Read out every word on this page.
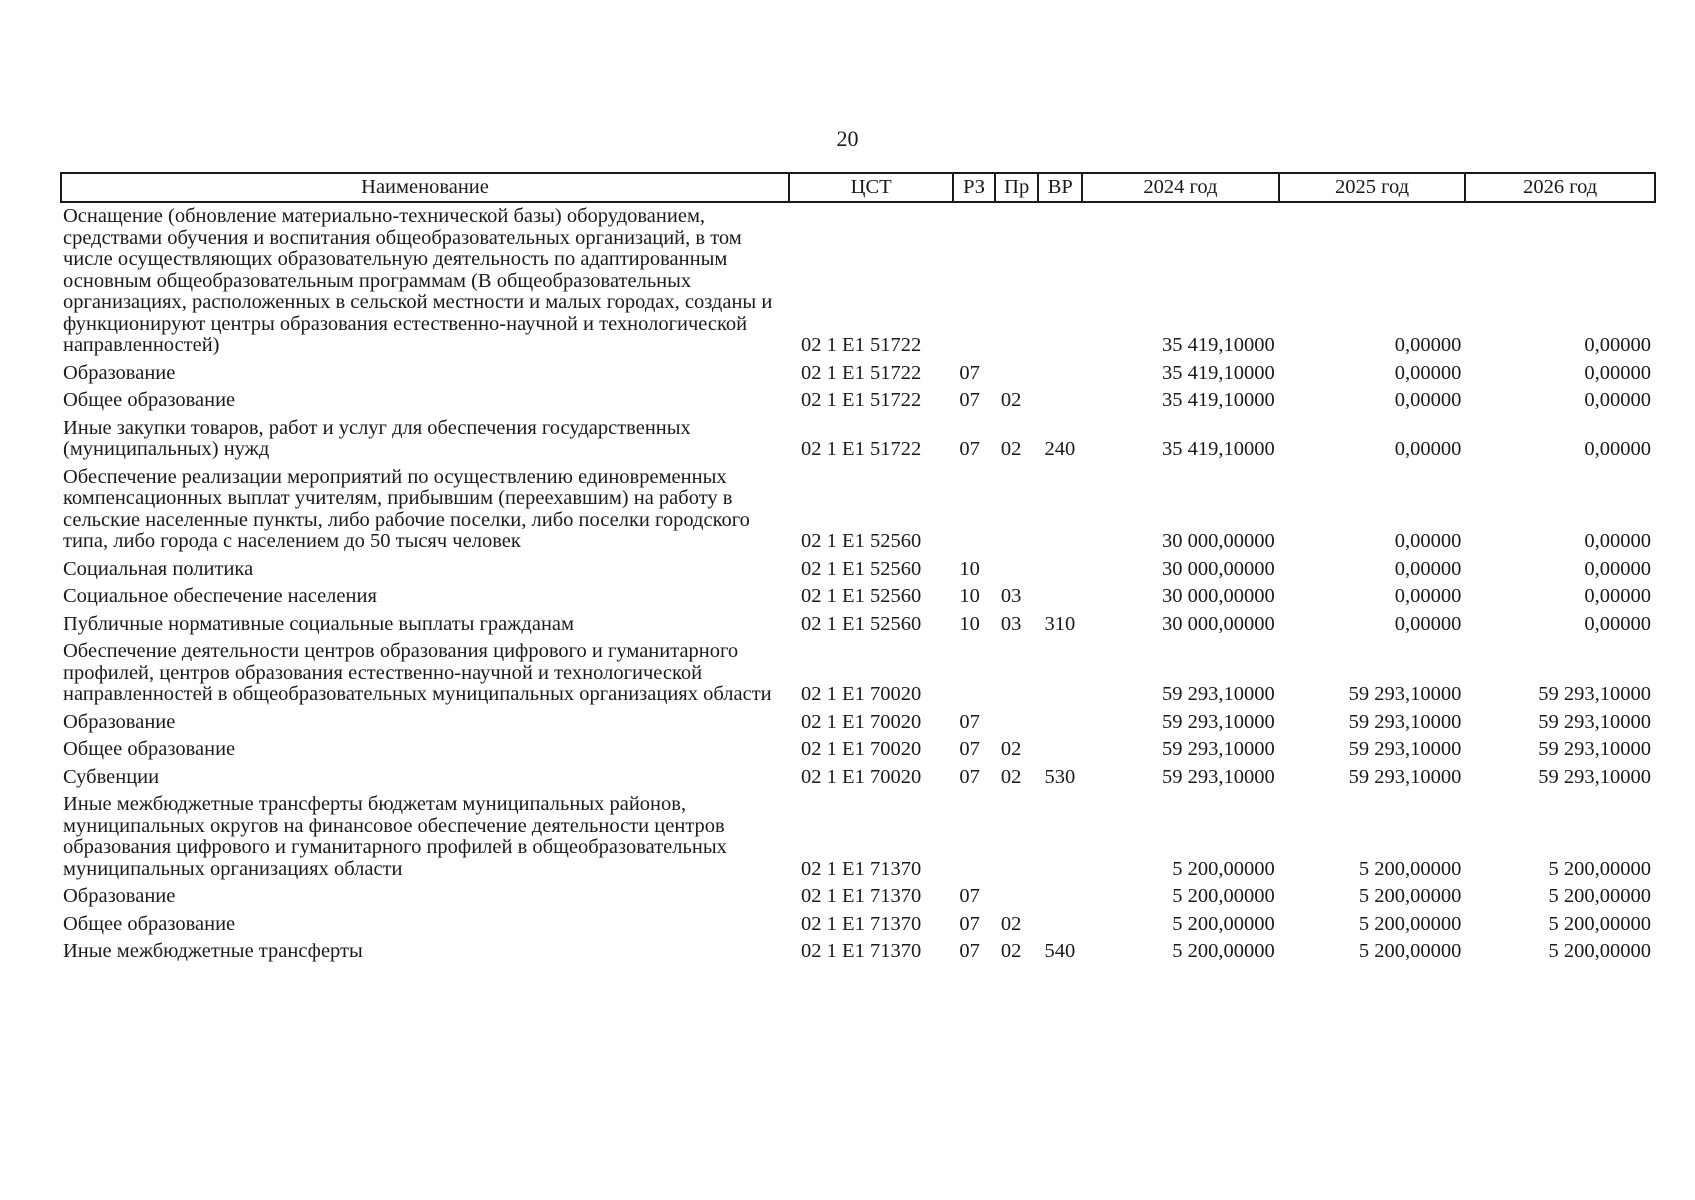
20
Наименование	ЦСТ	РЗ	Пр	ВР	2024 год	2025 год	2026 год
Оснащение (обновление материально-технической базы) оборудованием, средствами обучения и воспитания общеобразовательных организаций, в том числе осуществляющих образовательную деятельность по адаптированным основным общеобразовательным программам (В общеобразовательных организациях, расположенных в сельской местности и малых городах, созданы и функционируют центры образования естественно-научной и технологической направленностей)	02 1 E1 51722				35 419,10000	0,00000	0,00000
Образование	02 1 E1 51722	07			35 419,10000	0,00000	0,00000
Общее образование	02 1 E1 51722	07	02		35 419,10000	0,00000	0,00000
Иные закупки товаров, работ и услуг для обеспечения государственных (муниципальных) нужд	02 1 E1 51722	07	02	240	35 419,10000	0,00000	0,00000
Обеспечение реализации мероприятий по осуществлению единовременных компенсационных выплат учителям, прибывшим (переехавшим) на работу в сельские населенные пункты, либо рабочие поселки, либо поселки городского типа, либо города с населением до 50 тысяч человек	02 1 E1 52560				30 000,00000	0,00000	0,00000
Социальная политика	02 1 E1 52560	10			30 000,00000	0,00000	0,00000
Социальное обеспечение населения	02 1 E1 52560	10	03		30 000,00000	0,00000	0,00000
Публичные нормативные социальные выплаты гражданам	02 1 E1 52560	10	03	310	30 000,00000	0,00000	0,00000
Обеспечение деятельности центров образования цифрового и гуманитарного профилей, центров образования естественно-научной и технологической направленностей в общеобразовательных муниципальных организациях области	02 1 E1 70020				59 293,10000	59 293,10000	59 293,10000
Образование	02 1 E1 70020	07			59 293,10000	59 293,10000	59 293,10000
Общее образование	02 1 E1 70020	07	02		59 293,10000	59 293,10000	59 293,10000
Субвенции	02 1 E1 70020	07	02	530	59 293,10000	59 293,10000	59 293,10000
Иные межбюджетные трансферты бюджетам муниципальных районов, муниципальных округов на финансовое обеспечение деятельности центров образования цифрового и гуманитарного профилей в общеобразовательных муниципальных организациях области	02 1 E1 71370				5 200,00000	5 200,00000	5 200,00000
Образование	02 1 E1 71370	07			5 200,00000	5 200,00000	5 200,00000
Общее образование	02 1 E1 71370	07	02		5 200,00000	5 200,00000	5 200,00000
Иные межбюджетные трансферты	02 1 E1 71370	07	02	540	5 200,00000	5 200,00000	5 200,00000
